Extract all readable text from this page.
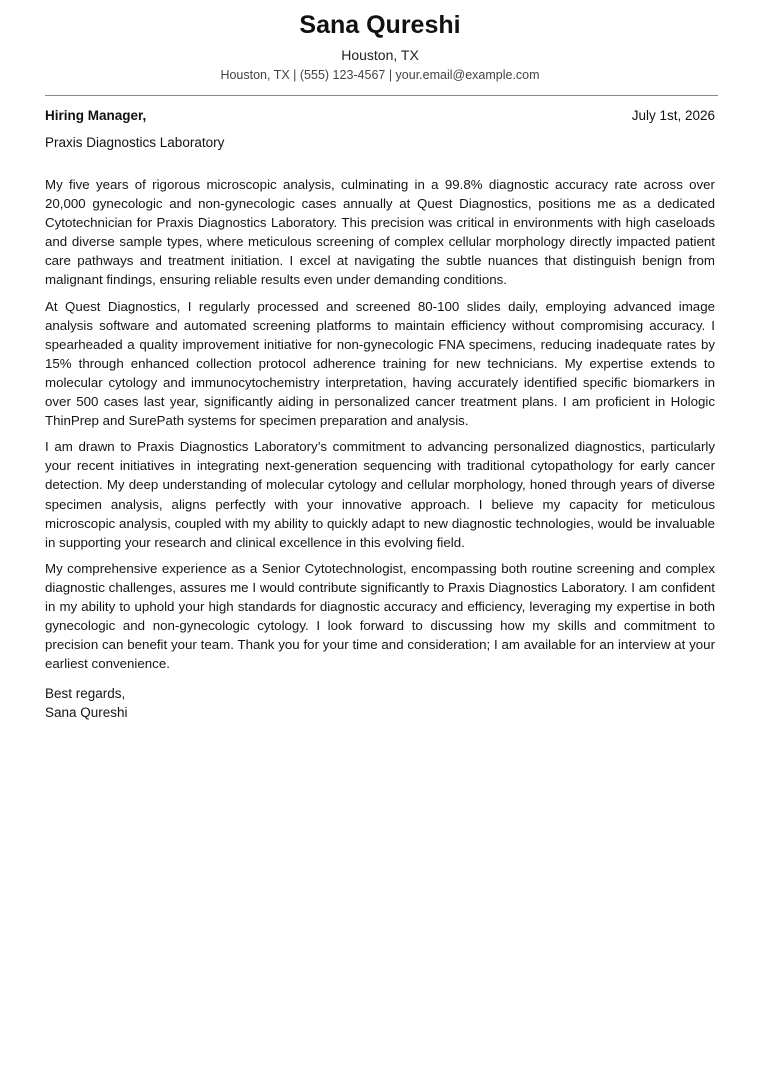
Sana Qureshi
Houston, TX
Houston, TX | (555) 123-4567 | your.email@example.com
Hiring Manager,	July 1st, 2026
Praxis Diagnostics Laboratory

My five years of rigorous microscopic analysis, culminating in a 99.8% diagnostic accuracy rate across over 20,000 gynecologic and non-gynecologic cases annually at Quest Diagnostics, positions me as a dedicated Cytotechnician for Praxis Diagnostics Laboratory. This precision was critical in environments with high caseloads and diverse sample types, where meticulous screening of complex cellular morphology directly impacted patient care pathways and treatment initiation. I excel at navigating the subtle nuances that distinguish benign from malignant findings, ensuring reliable results even under demanding conditions.

At Quest Diagnostics, I regularly processed and screened 80-100 slides daily, employing advanced image analysis software and automated screening platforms to maintain efficiency without compromising accuracy. I spearheaded a quality improvement initiative for non-gynecologic FNA specimens, reducing inadequate rates by 15% through enhanced collection protocol adherence training for new technicians. My expertise extends to molecular cytology and immunocytochemistry interpretation, having accurately identified specific biomarkers in over 500 cases last year, significantly aiding in personalized cancer treatment plans. I am proficient in Hologic ThinPrep and SurePath systems for specimen preparation and analysis.

I am drawn to Praxis Diagnostics Laboratory’s commitment to advancing personalized diagnostics, particularly your recent initiatives in integrating next-generation sequencing with traditional cytopathology for early cancer detection. My deep understanding of molecular cytology and cellular morphology, honed through years of diverse specimen analysis, aligns perfectly with your innovative approach. I believe my capacity for meticulous microscopic analysis, coupled with my ability to quickly adapt to new diagnostic technologies, would be invaluable in supporting your research and clinical excellence in this evolving field.

My comprehensive experience as a Senior Cytotechnologist, encompassing both routine screening and complex diagnostic challenges, assures me I would contribute significantly to Praxis Diagnostics Laboratory. I am confident in my ability to uphold your high standards for diagnostic accuracy and efficiency, leveraging my expertise in both gynecologic and non-gynecologic cytology. I look forward to discussing how my skills and commitment to precision can benefit your team. Thank you for your time and consideration; I am available for an interview at your earliest convenience.

Best regards,
Sana Qureshi
